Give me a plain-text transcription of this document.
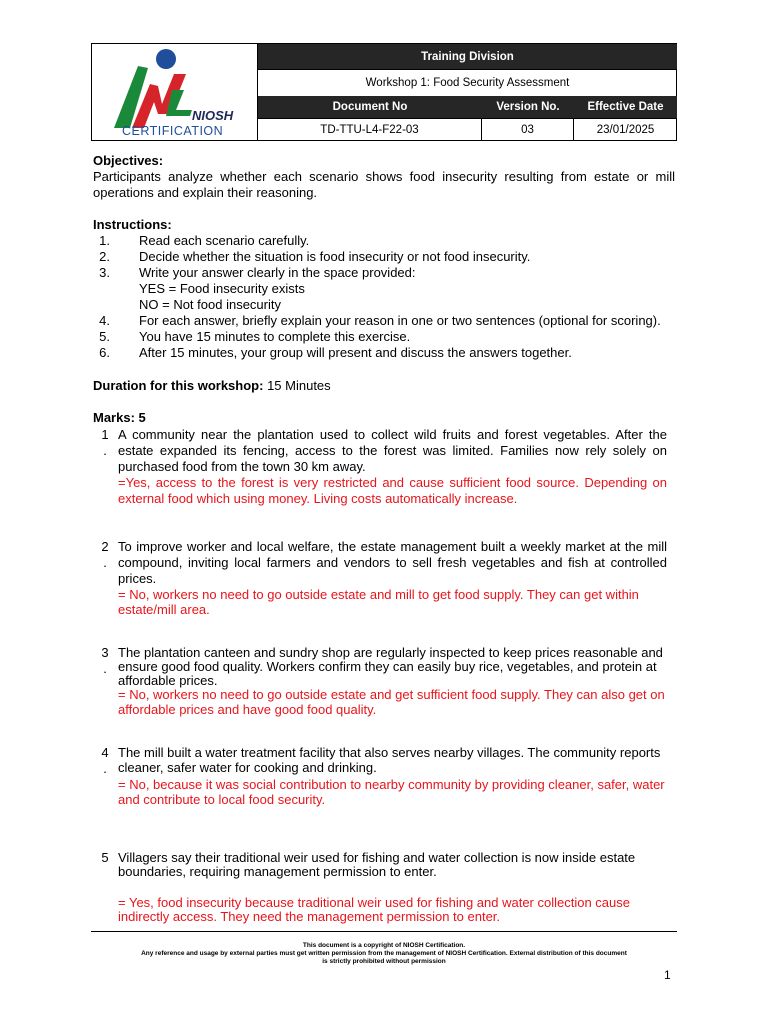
NIOSH
CERTIFICATION
Training Division
Workshop 1: Food Security Assessment
Document No	Version No.	Effective Date
TD-TTU-L4-F22-03	03	23/01/2025
Objectives:
Participants analyze whether each scenario shows food insecurity resulting from estate or mill
operations and explain their reasoning.
Instructions:
1. Read each scenario carefully.
2. Decide whether the situation is food insecurity or not food insecurity.
3. Write your answer clearly in the space provided:
YES = Food insecurity exists
NO = Not food insecurity
4. For each answer, briefly explain your reason in one or two sentences (optional for scoring).
5. You have 15 minutes to complete this exercise.
6. After 15 minutes, your group will present and discuss the answers together.
Duration for this workshop: 15 Minutes
Marks: 5
1
.
A community near the plantation used to collect wild fruits and forest vegetables. After the
estate expanded its fencing, access to the forest was limited. Families now rely solely on
purchased food from the town 30 km away.
=Yes, access to the forest is very restricted and cause sufficient food source. Depending on
external food which using money. Living costs automatically increase.
2
.
To improve worker and local welfare, the estate management built a weekly market at the mill
compound, inviting local farmers and vendors to sell fresh vegetables and fish at controlled
prices.
= No, workers no need to go outside estate and mill to get food supply. They can get within
estate/mill area.
3
.
The plantation canteen and sundry shop are regularly inspected to keep prices reasonable and
ensure good food quality. Workers confirm they can easily buy rice, vegetables, and protein at
affordable prices.
= No, workers no need to go outside estate and get sufficient food supply. They can also get on
affordable prices and have good food quality.
4
.
The mill built a water treatment facility that also serves nearby villages. The community reports
cleaner, safer water for cooking and drinking.
= No, because it was social contribution to nearby community by providing cleaner, safer, water
and contribute to local food security.
5 Villagers say their traditional weir used for fishing and water collection is now inside estate
boundaries, requiring management permission to enter.
= Yes, food insecurity because traditional weir used for fishing and water collection cause
indirectly access. They need the management permission to enter.
This document is a copyright of NIOSH Certification.
Any reference and usage by external parties must get written permission from the management of NIOSH Certification. External distribution of this document
is strictly prohibited without permission
1
